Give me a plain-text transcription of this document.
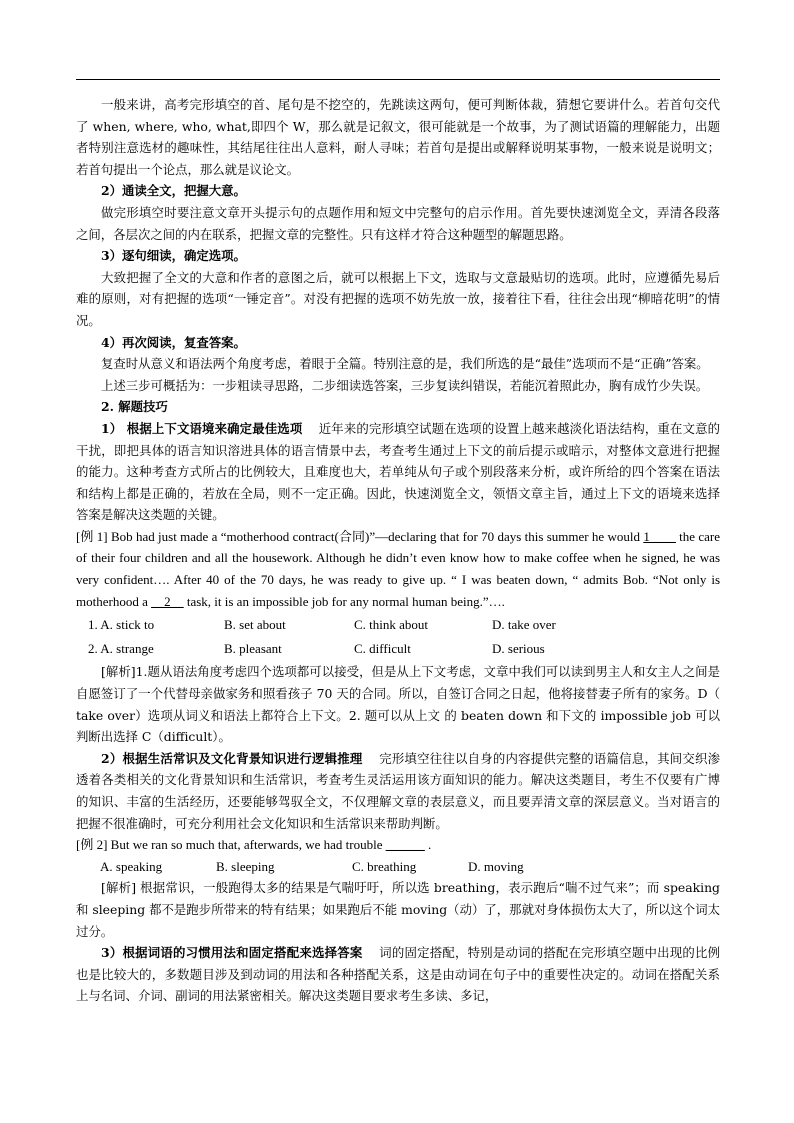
一般来讲，高考完形填空的首、尾句是不挖空的，先跳读这两句，便可判断体裁，猜想它要讲什么。若首句交代了 when, where, who, what,即四个 W，那么就是记叙文，很可能就是一个故事，为了测试语篇的理解能力，出题者特别注意选材的趣味性，其结尾往往出人意料，耐人寻味；若首句是提出或解释说明某事物，一般来说是说明文；若首句提出一个论点，那么就是议论文。

2）通读全文，把握大意。

做完形填空时要注意文章开头提示句的点题作用和短文中完整句的启示作用。首先要快速浏览全文，弄清各段落之间，各层次之间的内在联系，把握文章的完整性。只有这样才符合这种题型的解题思路。

3）逐句细读，确定选项。

大致把握了全文的大意和作者的意图之后，就可以根据上下文，选取与文意最贴切的选项。此时，应遵循先易后难的原则，对有把握的选项“一锤定音”。对没有把握的选项不妨先放一放，接着往下看，往往会出现“柳暗花明”的情况。

4）再次阅读，复查答案。

复查时从意义和语法两个角度考虑，着眼于全篇。特别注意的是，我们所选的是“最佳”选项而不是“正确”答案。

上述三步可概括为：一步粗读寻思路，二步细读选答案，三步复读纠错误，若能沉着照此办，胸有成竹少失误。

2. 解题技巧

1） 根据上下文语境来确定最佳选项 近年来的完形填空试题在选项的设置上越来越淡化语法结构，重在文意的干扰，即把具体的语言知识溶进具体的语言情景中去，考查考生通过上下文的前后提示或暗示，对整体文意进行把握的能力。这种考查方式所占的比例较大，且难度也大，若单纯从句子或个别段落来分析，或许所给的四个答案在语法和结构上都是正确的，若放在全局，则不一定正确。因此，快速浏览全文，领悟文章主旨，通过上下文的语境来选择答案是解决这类题的关键。

[例 1] Bob had just made a “motherhood contract(合同)”—declaring that for 70 days this summer he would 1____ the care of their four children and all the housework. Although he didn’t even know how to make coffee when he signed, he was very confident…. After 40 of the 70 days, he was ready to give up. “ I was beaten down, “ admits Bob. “Not only is motherhood a __2__ task, it is an impossible job for any normal human being.”….

1. A. stick to	B. set about	C. think about	D. take over
2. A. strange	B. pleasant	C. difficult	D. serious

[解析]1.题从语法角度考虑四个选项都可以接受，但是从上下文考虑，文章中我们可以读到男主人和女主人之间是自愿签订了一个代替母亲做家务和照看孩子 70 天的合同。所以，自签订合同之日起，他将接替妻子所有的家务。D（ take over）选项从词义和语法上都符合上下文。2. 题可以从上文 的 beaten down 和下文的 impossible job 可以判断出选择 C（difficult）。

2）根据生活常识及文化背景知识进行逻辑推理 完形填空往往以自身的内容提供完整的语篇信息，其间交织渗透着各类相关的文化背景知识和生活常识，考查考生灵活运用该方面知识的能力。解决这类题目，考生不仅要有广博的知识、丰富的生活经历，还要能够驾驭全文，不仅理解文章的表层意义，而且要弄清文章的深层意义。当对语言的把握不很准确时，可充分利用社会文化知识和生活常识来帮助判断。

[例 2] But we ran so much that, afterwards, we had trouble ______ .

A. speaking	B. sleeping	C. breathing	D. moving

[解析] 根据常识，一般跑得太多的结果是气喘吁吁，所以选 breathing，表示跑后“喘不过气来”；而 speaking 和 sleeping 都不是跑步所带来的特有结果；如果跑后不能 moving（动）了，那就对身体损伤太大了，所以这个词太过分。

3）根据词语的习惯用法和固定搭配来选择答案 词的固定搭配，特别是动词的搭配在完形填空题中出现的比例也是比较大的，多数题目涉及到动词的用法和各种搭配关系，这是由动词在句子中的重要性决定的。动词在搭配关系上与名词、介词、副词的用法紧密相关。解决这类题目要求考生多读、多记，
